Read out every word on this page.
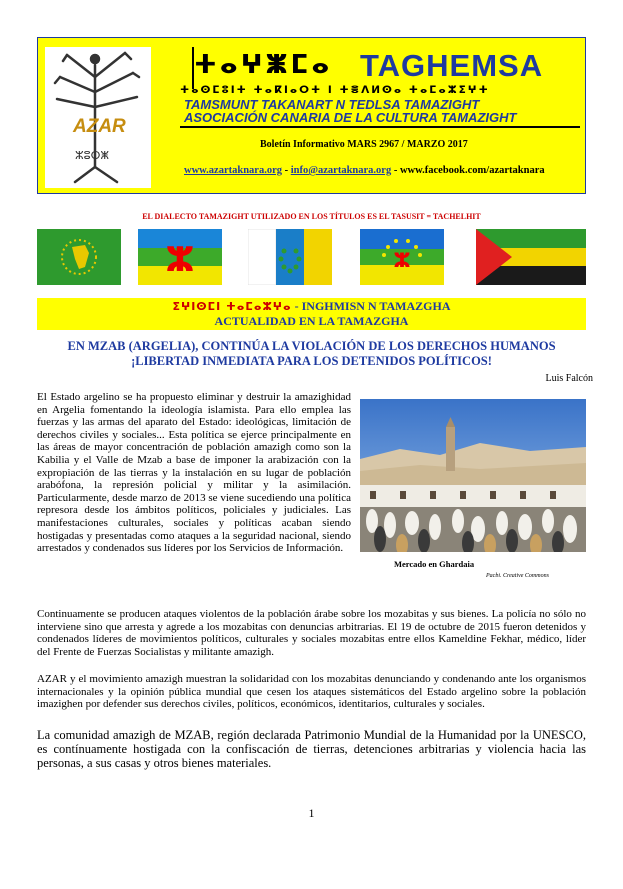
AZAR
ⵣⵓⵔⵥ
ⵜⴰⵖⵥⵎⴰ TAGHEMSA
ⵜⴰⵙⵎⵓⵏⵜ ⵜⴰⴽⵏⴰⵔⵜ ⵏ ⵜⴻⴷⵍⵙⴰ ⵜⴰⵎⴰⵣⵉⵖⵜ
TAMSMUNT TAKANART N TEDLSA TAMAZIGHT
ASOCIACIÓN CANARIA DE LA CULTURA TAMAZIGHT
Boletín Informativo MARS 2967 / MARZO 2017
www.azartaknara.org - info@azartaknara.org - www.facebook.com/azartaknara
EL DIALECTO TAMAZIGHT UTILIZADO EN LOS TÍTULOS ES EL TASUSIT = TACHELHIT
ⵣ	ⵣ
ⵉⵖⵏⵙⵎⵏ ⵜⴰⵎⴰⵣⵖⴰ - INGHMISN N TAMAZGHA
ACTUALIDAD EN LA TAMAZGHA
EN MZAB (ARGELIA), CONTINÚA LA VIOLACIÓN DE LOS DERECHOS HUMANOS
¡LIBERTAD INMEDIATA PARA LOS DETENIDOS POLÍTICOS!
Luis Falcón
El Estado argelino se ha propuesto eliminar y destruir la amazighidad en Argelia fomentando la ideología islamista. Para ello emplea las fuerzas y las armas del aparato del Estado: ideológicas, limitación de derechos civiles y sociales... Esta política se ejerce principalmente en las áreas de mayor concentración de población amazigh como son la Kabilia y el Valle de Mzab a base de imponer la arabización con la expropiación de las tierras y la instalación en su lugar de población arabófona, la represión policial y militar y la asimilación. Particularmente, desde marzo de 2013 se viene sucediendo una política represora desde los ámbitos políticos, policiales y judiciales. Las manifestaciones culturales, sociales y políticas acaban siendo hostigadas y presentadas como ataques a la seguridad nacional, siendo arrestados y condenados sus líderes por los Servicios de Información.
Mercado en Ghardaia
Pacbi. Creative Commons
Continuamente se producen ataques violentos de la población árabe sobre los mozabitas y sus bienes. La policía no sólo no interviene sino que arresta y agrede a los mozabitas con denuncias arbitrarias. El 19 de octubre de 2015 fueron detenidos y condenados líderes de movimientos políticos, culturales y sociales mozabitas entre ellos Kameldine Fekhar, médico, líder del Frente de Fuerzas Socialistas y militante amazigh.
AZAR y el movimiento amazigh muestran la solidaridad con los mozabitas denunciando y condenando ante los organismos internacionales y la opinión pública mundial que cesen los ataques sistemáticos del Estado argelino sobre la población imazighen por defender sus derechos civiles, políticos, económicos, identitarios, culturales y sociales.
La comunidad amazigh de MZAB, región declarada Patrimonio Mundial de la Humanidad por la UNESCO, es contínuamente hostigada con la confiscación de tierras, detenciones arbitrarias y violencia hacia las personas, a sus casas y otros bienes materiales.
1
